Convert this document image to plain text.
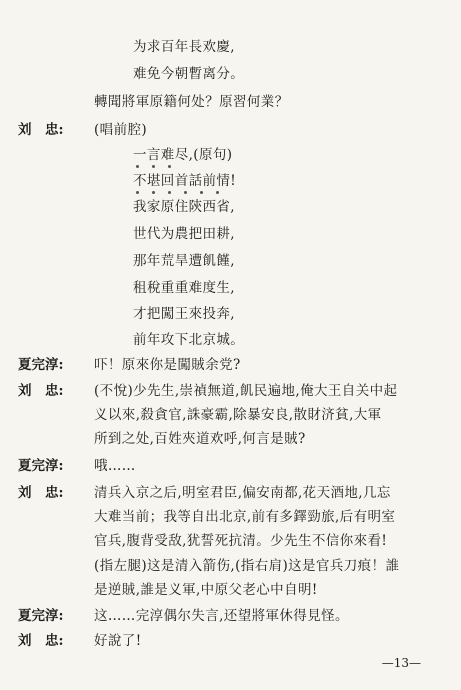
为求百年長欢慶,
难免今朝暫离分。
轉聞將軍原籍何处？原習何業？
刘　忠: (唱前腔)
一言难尽,(原句)
不堪回首話前情!
我家原住陝西省,
世代为農把田耕,
那年荒旱遭飢饉,
租稅重重难度生,
才把闖王來投奔,
前年攻下北京城。
夏完淳: 吓！原來你是闖賊余党?
刘　忠: (不悅)少先生,崇禎無道,飢民遍地,俺大王自关中起
义以來,殺貪官,誅豪霸,除暴安良,散財济貧,大軍
所到之处,百姓夾道欢呼,何言是賊?
夏完淳: 哦……
刘　忠: 清兵入京之后,明室君臣,偏安南都,花天酒地,几忘
大难当前；我等自出北京,前有多鐸勁旅,后有明室
官兵,腹背受敌,犹誓死抗清。少先生不信你來看!
(指左腿)这是清入箭伤,(指右肩)这是官兵刀痕！誰
是逆賊,誰是义軍,中原父老心中自明!
夏完淳: 这……完淳偶尔失言,还望將軍休得見怪。
刘　忠: 好說了!
—13—
